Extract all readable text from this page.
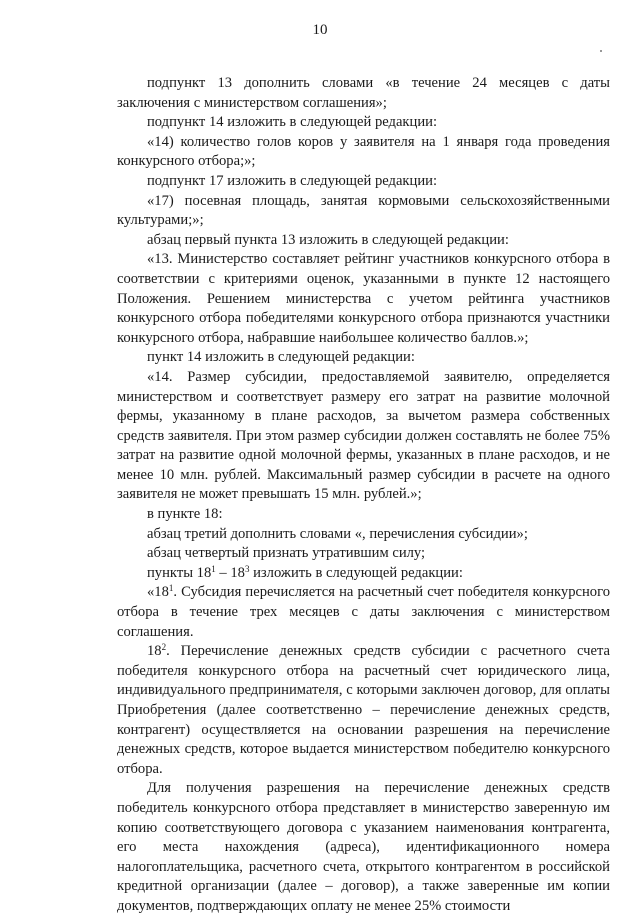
10

подпункт 13 дополнить словами «в течение 24 месяцев с даты заключения с министерством соглашения»;

подпункт 14 изложить в следующей редакции:

«14) количество голов коров у заявителя на 1 января года проведения конкурсного отбора;»;

подпункт 17 изложить в следующей редакции:

«17) посевная площадь, занятая кормовыми сельскохозяйственными культурами;»;

абзац первый пункта 13 изложить в следующей редакции:

«13. Министерство составляет рейтинг участников конкурсного отбора в соответствии с критериями оценок, указанными в пункте 12 настоящего Положения. Решением министерства с учетом рейтинга участников конкурсного отбора победителями конкурсного отбора признаются участники конкурсного отбора, набравшие наибольшее количество баллов.»;

пункт 14 изложить в следующей редакции:

«14. Размер субсидии, предоставляемой заявителю, определяется министерством и соответствует размеру его затрат на развитие молочной фермы, указанному в плане расходов, за вычетом размера собственных средств заявителя. При этом размер субсидии должен составлять не более 75% затрат на развитие одной молочной фермы, указанных в плане расходов, и не менее 10 млн. рублей. Максимальный размер субсидии в расчете на одного заявителя не может превышать 15 млн. рублей.»;

в пункте 18:

абзац третий дополнить словами «, перечисления субсидии»;

абзац четвертый признать утратившим силу;

пункты $18^1 - 18^3$ изложить в следующей редакции:

«$18^1$. Субсидия перечисляется на расчетный счет победителя конкурсного отбора в течение трех месяцев с даты заключения с министерством соглашения.

$18^2$. Перечисление денежных средств субсидии с расчетного счета победителя конкурсного отбора на расчетный счет юридического лица, индивидуального предпринимателя, с которыми заключен договор, для оплаты Приобретения (далее соответственно – перечисление денежных средств, контрагент) осуществляется на основании разрешения на перечисление денежных средств, которое выдается министерством победителю конкурсного отбора.

Для получения разрешения на перечисление денежных средств победитель конкурсного отбора представляет в министерство заверенную им копию соответствующего договора с указанием наименования контрагента, его места нахождения (адреса), идентификационного номера налогоплательщика, расчетного счета, открытого контрагентом в российской кредитной организации (далее – договор), а также заверенные им копии документов, подтверждающих оплату не менее 25% стоимости
